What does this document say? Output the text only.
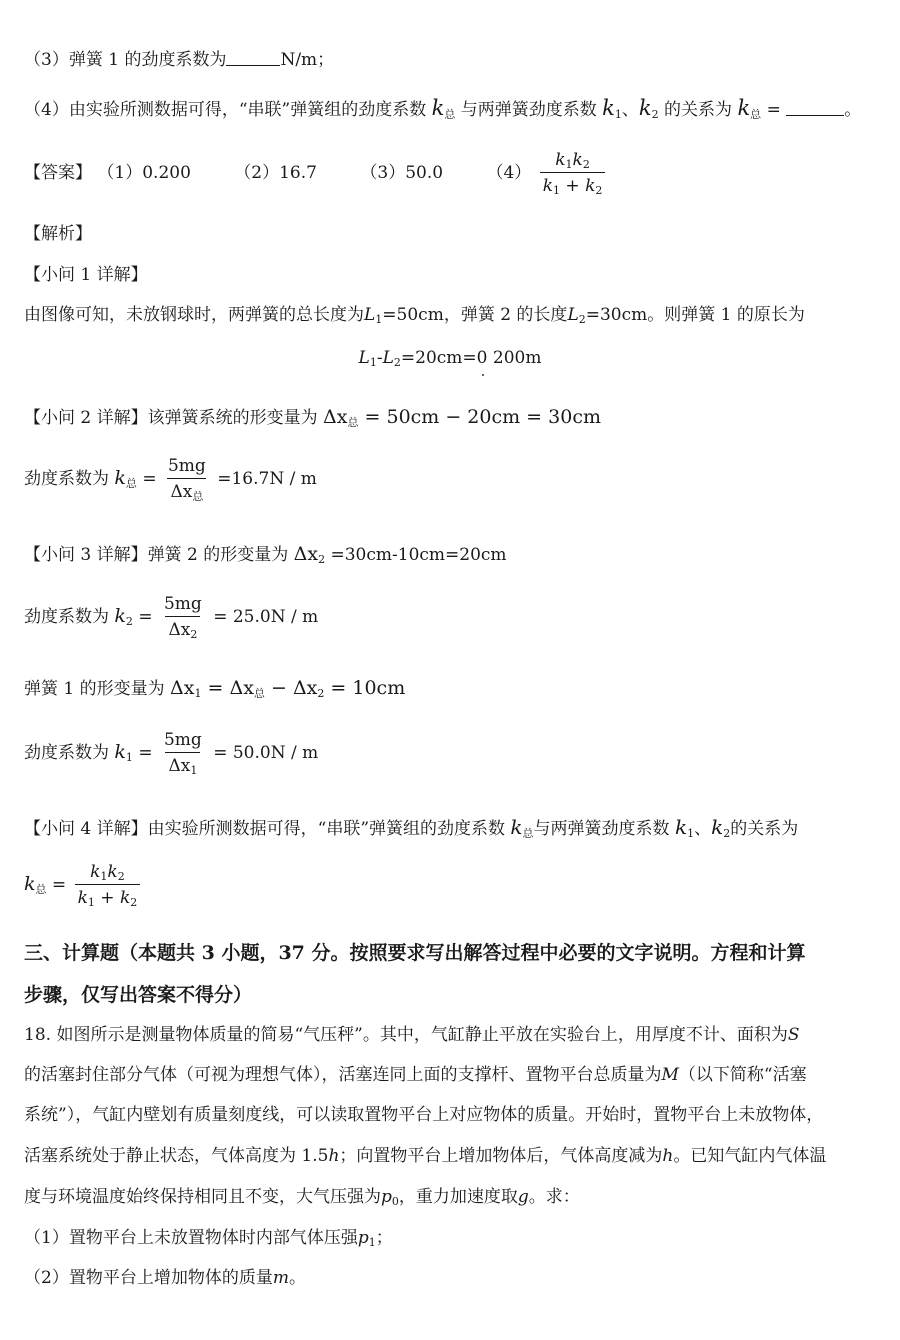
（3）弹簧 1 的劲度系数为	N/m；
（4）由实验所测数据可得，“串联”弹簧组的劲度系数 $k_总$ 与两弹簧劲度系数 $k_1$、$k_2$ 的关系为 $k_总$ =	。
【答案】 （1）0.200	（2）16.7	（3）50.0	$(4) \frac{k_1k_2}{k_1 + k_2}$
【解析】
【小问 1 详解】
由图像可知，未放钢球时，两弹簧的总长度为$L_1=50cm$，弹簧 2 的长度$L_2=30cm$。则弹簧 1 的原长为
$L_1-L_2=20cm=0$ 200m
【小问 2 详解】该弹簧系统的形变量为 $\Delta x_总 = 50cm - 20cm = 30cm$
劲度系数为 $k_总 = \frac{5mg}{\Delta x_总} =16.7N / m$
【小问 3 详解】弹簧 2 的形变量为 $\Delta x_2 =30cm-10cm=20cm$
劲度系数为 $k_2 = \frac{5mg}{\Delta x_2} = 25.0N / m$
弹簧 1 的形变量为 $\Delta x_1 = \Delta x_总 - \Delta x_2 = 10cm$
劲度系数为 $k_1 = \frac{5mg}{\Delta x_1} = 50.0N / m$
【小问 4 详解】由实验所测数据可得，“串联”弹簧组的劲度系数 $k_总$与两弹簧劲度系数 $k_1$、$k_2$的关系为
$k_总 = \frac{k_1k_2}{k_1 + k_2}$
三、计算题（本题共 3 小题，37 分。按照要求写出解答过程中必要的文字说明。方程和计算
步骤，仅写出答案不得分）
18. 如图所示是测量物体质量的简易“气压秤”。其中，气缸静止平放在实验台上，用厚度不计、面积为S
的活塞封住部分气体（可视为理想气体），活塞连同上面的支撑杆、置物平台总质量为M（以下简称“活塞
系统”），气缸内壁划有质量刻度线，可以读取置物平台上对应物体的质量。开始时，置物平台上未放物体，
活塞系统处于静止状态，气体高度为 1.5h；向置物平台上增加物体后，气体高度减为h。已知气缸内气体温
度与环境温度始终保持相同且不变，大气压强为$p_0$，重力加速度取g。求：
（1）置物平台上未放置物体时内部气体压强$p_1$；
（2）置物平台上增加物体的质量m。
